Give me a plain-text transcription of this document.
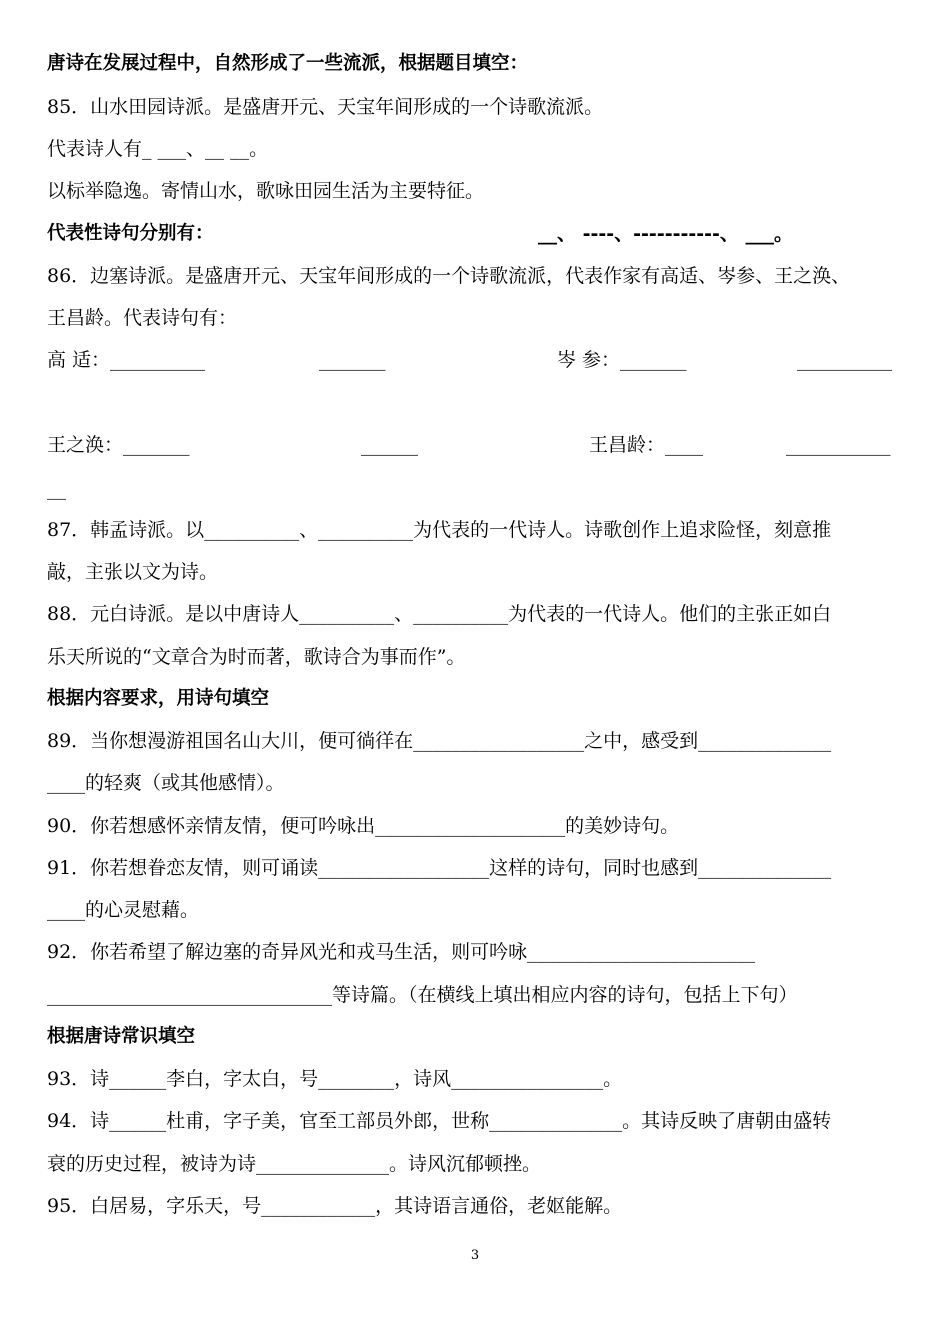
唐诗在发展过程中，自然形成了一些流派，根据题目填空：
85．山水田园诗派。是盛唐开元、天宝年间形成的一个诗歌流派。
代表诗人有_ ___、__ __。
以标举隐逸。寄情山水，歌咏田园生活为主要特征。
代表性诗句分别有：	__、 ----、-----------、 ___。
86．边塞诗派。是盛唐开元、天宝年间形成的一个诗歌流派，代表作家有高适、岑参、王之涣、
王昌龄。代表诗句有：
高 适：__________	_______	岑 参：_______	__________
王之涣：_______	______	王昌龄：____	___________
__
87．韩孟诗派。以__________、__________为代表的一代诗人。诗歌创作上追求险怪，刻意推
敲，主张以文为诗。
88．元白诗派。是以中唐诗人__________、__________为代表的一代诗人。他们的主张正如白
乐天所说的“文章合为时而著，歌诗合为事而作”。
根据内容要求，用诗句填空
89．当你想漫游祖国名山大川，便可徜徉在__________________之中，感受到______________
____的轻爽（或其他感情）。
90．你若想感怀亲情友情，便可吟咏出____________________的美妙诗句。
91．你若想眷恋友情，则可诵读__________________这样的诗句，同时也感到______________
____的心灵慰藉。
92．你若希望了解边塞的奇异风光和戎马生活，则可吟咏________________________
______________________________等诗篇。（在横线上填出相应内容的诗句，包括上下句）
根据唐诗常识填空
93．诗______李白，字太白，号________，诗风________________。
94．诗______杜甫，字子美，官至工部员外郎，世称______________。其诗反映了唐朝由盛转
衰的历史过程，被诗为诗______________。诗风沉郁顿挫。
95．白居易，字乐天，号____________，其诗语言通俗，老妪能解。
3
